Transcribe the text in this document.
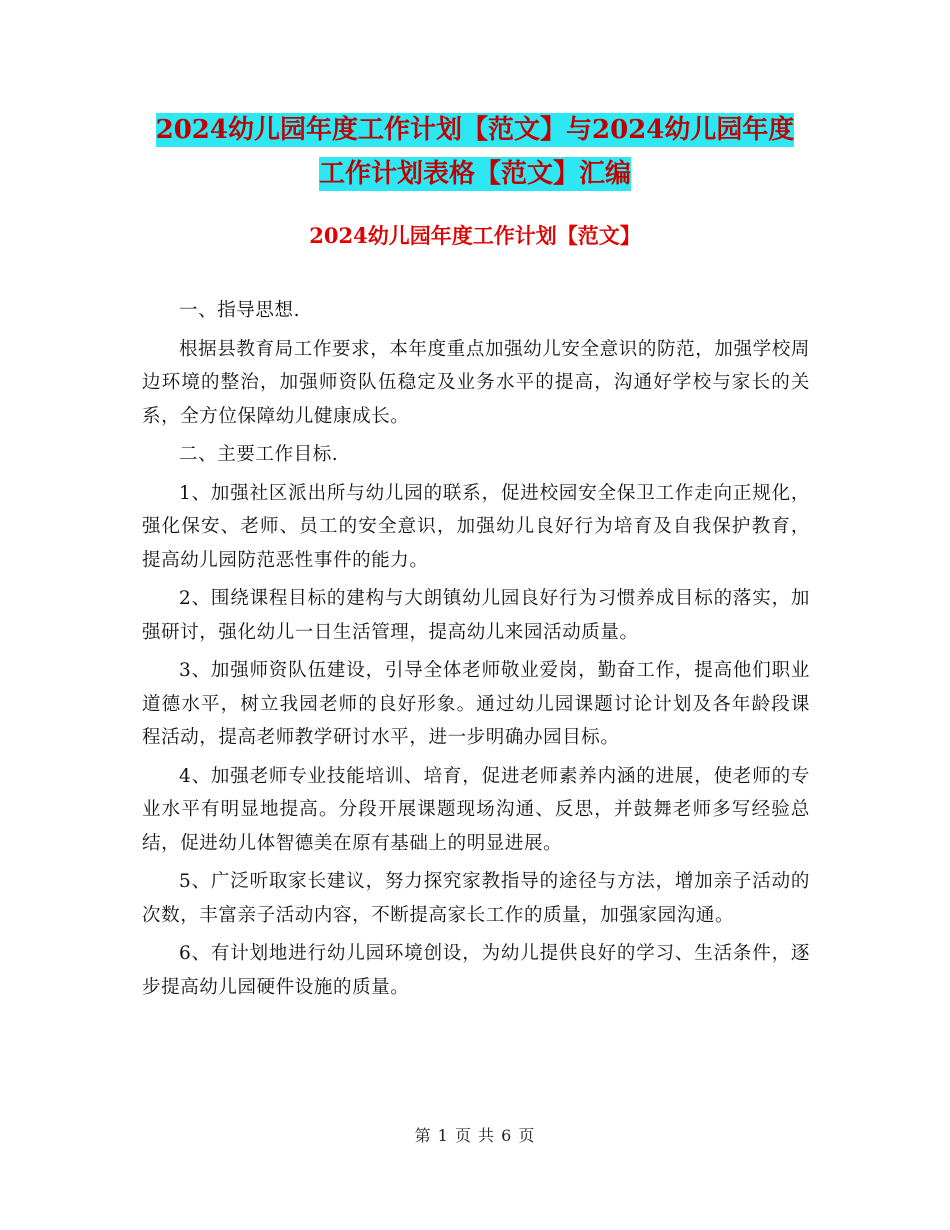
2024幼儿园年度工作计划【范文】与2024幼儿园年度
工作计划表格【范文】汇编
2024幼儿园年度工作计划【范文】

一、指导思想.

根据县教育局工作要求，本年度重点加强幼儿安全意识的防范，加强学校周边环境的整治，加强师资队伍稳定及业务水平的提高，沟通好学校与家长的关系，全方位保障幼儿健康成长。

二、主要工作目标.

1、加强社区派出所与幼儿园的联系，促进校园安全保卫工作走向正规化，强化保安、老师、员工的安全意识，加强幼儿良好行为培育及自我保护教育，提高幼儿园防范恶性事件的能力。

2、围绕课程目标的建构与大朗镇幼儿园良好行为习惯养成目标的落实，加强研讨，强化幼儿一日生活管理，提高幼儿来园活动质量。

3、加强师资队伍建设，引导全体老师敬业爱岗，勤奋工作，提高他们职业道德水平，树立我园老师的良好形象。通过幼儿园课题讨论计划及各年龄段课程活动，提高老师教学研讨水平，进一步明确办园目标。

4、加强老师专业技能培训、培育，促进老师素养内涵的进展，使老师的专业水平有明显地提高。分段开展课题现场沟通、反思，并鼓舞老师多写经验总结，促进幼儿体智德美在原有基础上的明显进展。

5、广泛听取家长建议，努力探究家教指导的途径与方法，增加亲子活动的次数，丰富亲子活动内容，不断提高家长工作的质量，加强家园沟通。

6、有计划地进行幼儿园环境创设，为幼儿提供良好的学习、生活条件，逐步提高幼儿园硬件设施的质量。

第 1 页 共 6 页
